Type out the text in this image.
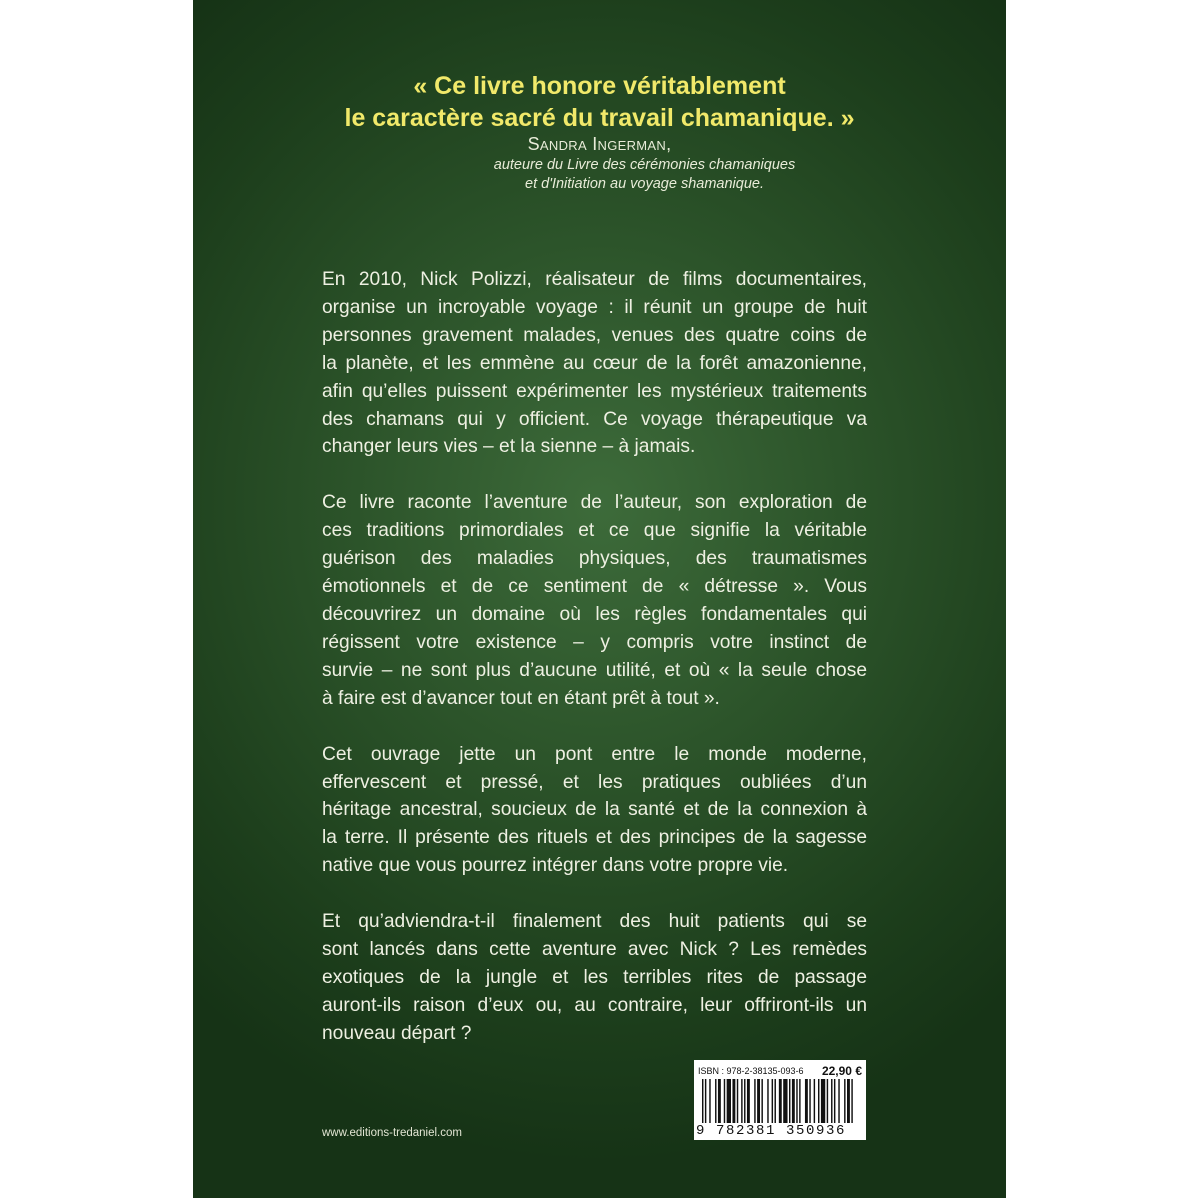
« Ce livre honore véritablement
le caractère sacré du travail chamanique. »
Sandra Ingerman,
auteure du Livre des cérémonies chamaniques
et d'Initiation au voyage shamanique.

En 2010, Nick Polizzi, réalisateur de films documentaires,
organise un incroyable voyage : il réunit un groupe de huit
personnes gravement malades, venues des quatre coins de
la planète, et les emmène au cœur de la forêt amazonienne,
afin qu’elles puissent expérimenter les mystérieux traitements
des chamans qui y officient. Ce voyage thérapeutique va
changer leurs vies – et la sienne – à jamais.

Ce livre raconte l’aventure de l’auteur, son exploration de
ces traditions primordiales et ce que signifie la véritable
guérison des maladies physiques, des traumatismes
émotionnels et de ce sentiment de « détresse ». Vous
découvrirez un domaine où les règles fondamentales qui
régissent votre existence – y compris votre instinct de
survie – ne sont plus d’aucune utilité, et où « la seule chose
à faire est d’avancer tout en étant prêt à tout ».

Cet ouvrage jette un pont entre le monde moderne,
effervescent et pressé, et les pratiques oubliées d’un
héritage ancestral, soucieux de la santé et de la connexion à
la terre. Il présente des rituels et des principes de la sagesse
native que vous pourrez intégrer dans votre propre vie.

Et qu’adviendra-t-il finalement des huit patients qui se
sont lancés dans cette aventure avec Nick ? Les remèdes
exotiques de la jungle et les terribles rites de passage
auront-ils raison d’eux ou, au contraire, leur offriront-ils un
nouveau départ ?

www.editions-tredaniel.com
ISBN : 978-2-38135-093-6 22,90 €
9 782381 350936
